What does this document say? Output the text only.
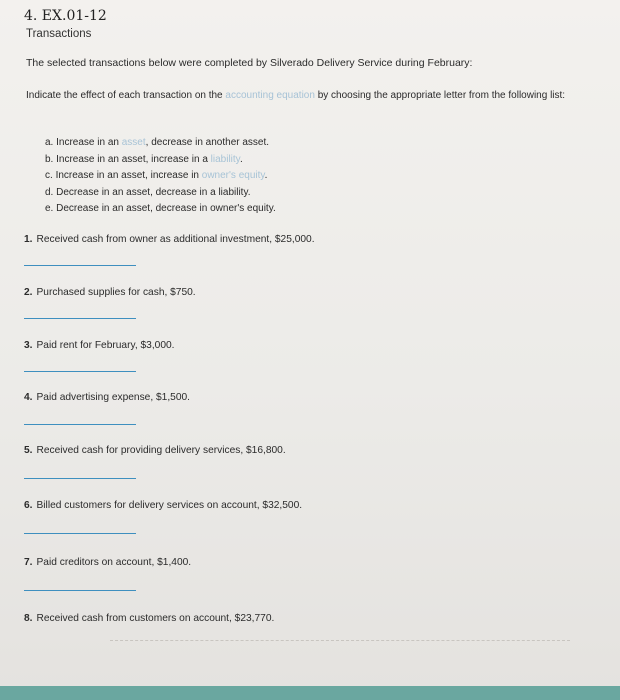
4. EX.01-12
Transactions
The selected transactions below were completed by Silverado Delivery Service during February:
Indicate the effect of each transaction on the accounting equation by choosing the appropriate letter from the following list:
a. Increase in an asset, decrease in another asset.
b. Increase in an asset, increase in a liability.
c. Increase in an asset, increase in owner's equity.
d. Decrease in an asset, decrease in a liability.
e. Decrease in an asset, decrease in owner's equity.
1. Received cash from owner as additional investment, $25,000.
2. Purchased supplies for cash, $750.
3. Paid rent for February, $3,000.
4. Paid advertising expense, $1,500.
5. Received cash for providing delivery services, $16,800.
6. Billed customers for delivery services on account, $32,500.
7. Paid creditors on account, $1,400.
8. Received cash from customers on account, $23,770.
